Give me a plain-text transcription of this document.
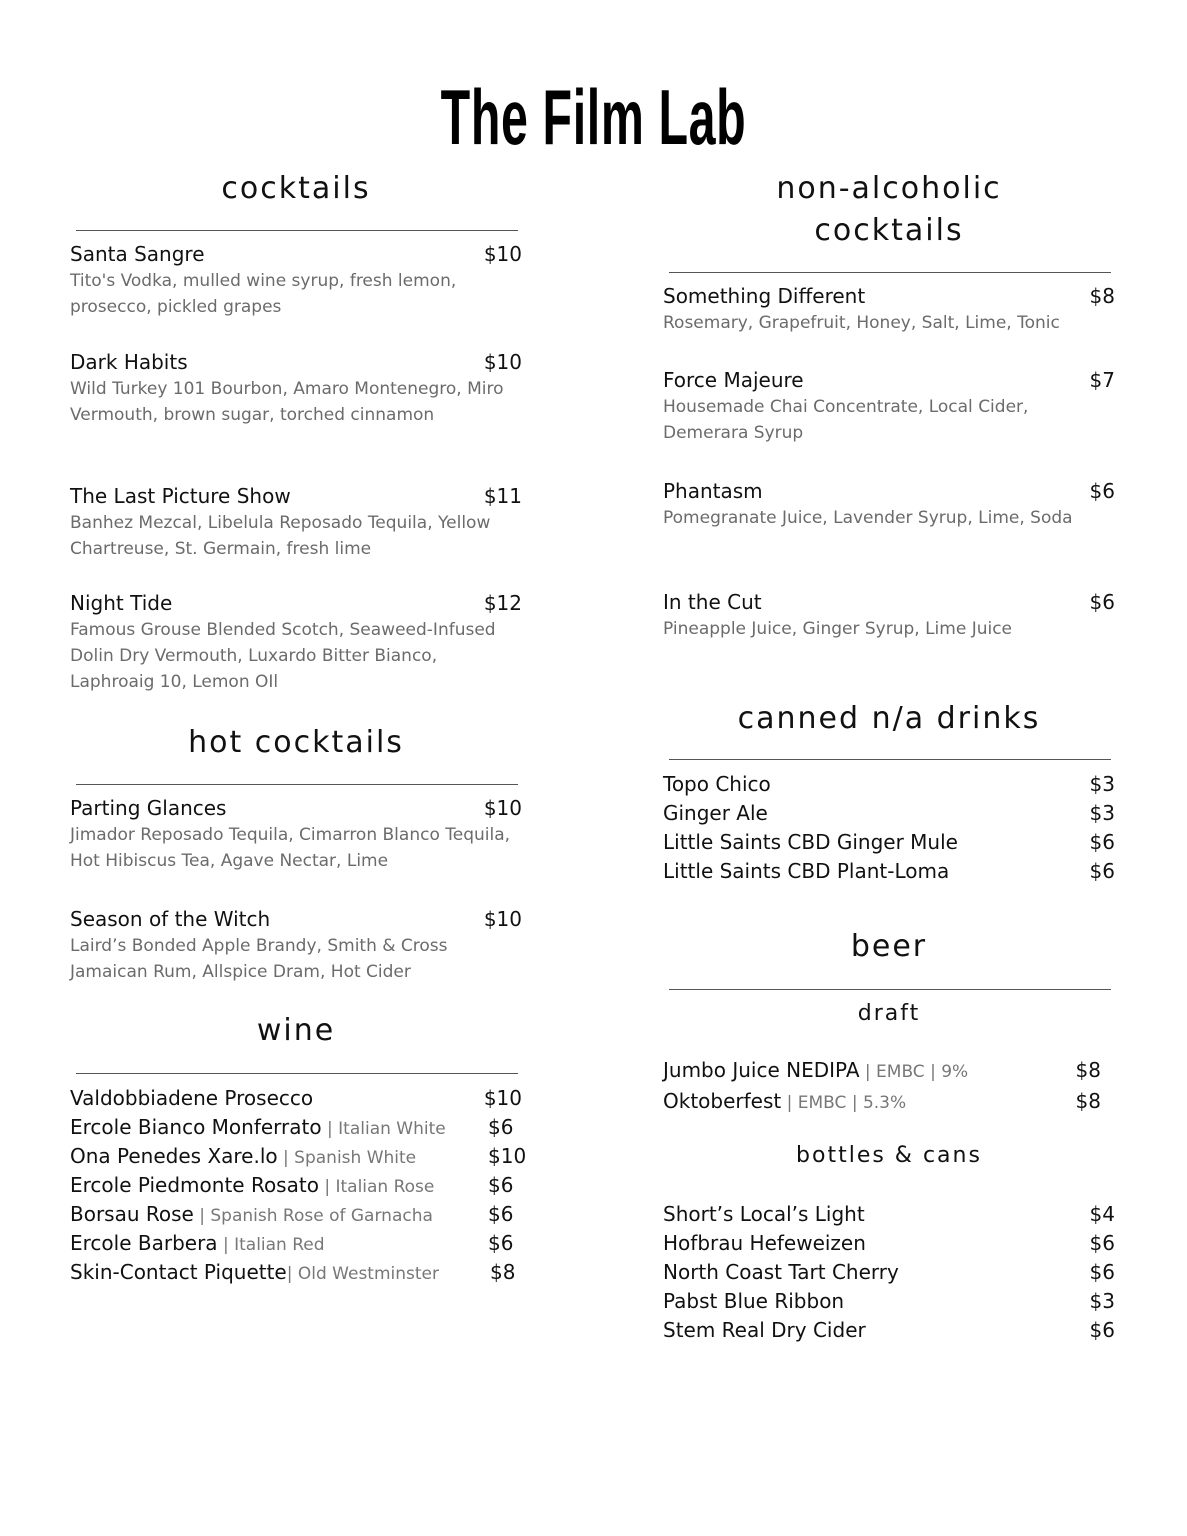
The Film Lab
cocktails
Santa Sangre	$10
Tito's Vodka, mulled wine syrup, fresh lemon, prosecco, pickled grapes
Dark Habits	$10
Wild Turkey 101 Bourbon, Amaro Montenegro, Miro Vermouth, brown sugar, torched cinnamon
The Last Picture Show	$11
Banhez Mezcal, Libelula Reposado Tequila, Yellow Chartreuse, St. Germain, fresh lime
Night Tide	$12
Famous Grouse Blended Scotch, Seaweed-Infused Dolin Dry Vermouth, Luxardo Bitter Bianco, Laphroaig 10, Lemon OIl
hot cocktails
Parting Glances	$10
Jimador Reposado Tequila, Cimarron Blanco Tequila, Hot Hibiscus Tea, Agave Nectar, Lime
Season of the Witch	$10
Laird’s Bonded Apple Brandy, Smith & Cross Jamaican Rum, Allspice Dram, Hot Cider
wine
Valdobbiadene Prosecco	$10
Ercole Bianco Monferrato | Italian White $6
Ona Penedes Xare.lo | Spanish White	$10
Ercole Piedmonte Rosato | Italian Rose	$6
Borsau Rose | Spanish Rose of Garnacha	$6
Ercole Barbera | Italian Red	$6
Skin-Contact Piquette| Old Westminster	$8
non-alcoholic
cocktails
Something Different	$8
Rosemary, Grapefruit, Honey, Salt, Lime, Tonic
Force Majeure	$7
Housemade Chai Concentrate, Local Cider, Demerara Syrup
Phantasm	$6
Pomegranate Juice, Lavender Syrup, Lime, Soda
In the Cut	$6
Pineapple Juice, Ginger Syrup, Lime Juice
canned n/a drinks
Topo Chico	$3
Ginger Ale	$3
Little Saints CBD Ginger Mule	$6
Little Saints CBD Plant-Loma	$6
beer
draft
Jumbo Juice NEDIPA | EMBC | 9%	$8
Oktoberfest | EMBC | 5.3%	$8
bottles & cans
Short’s Local’s Light	$4
Hofbrau Hefeweizen	$6
North Coast Tart Cherry	$6
Pabst Blue Ribbon	$3
Stem Real Dry Cider	$6
